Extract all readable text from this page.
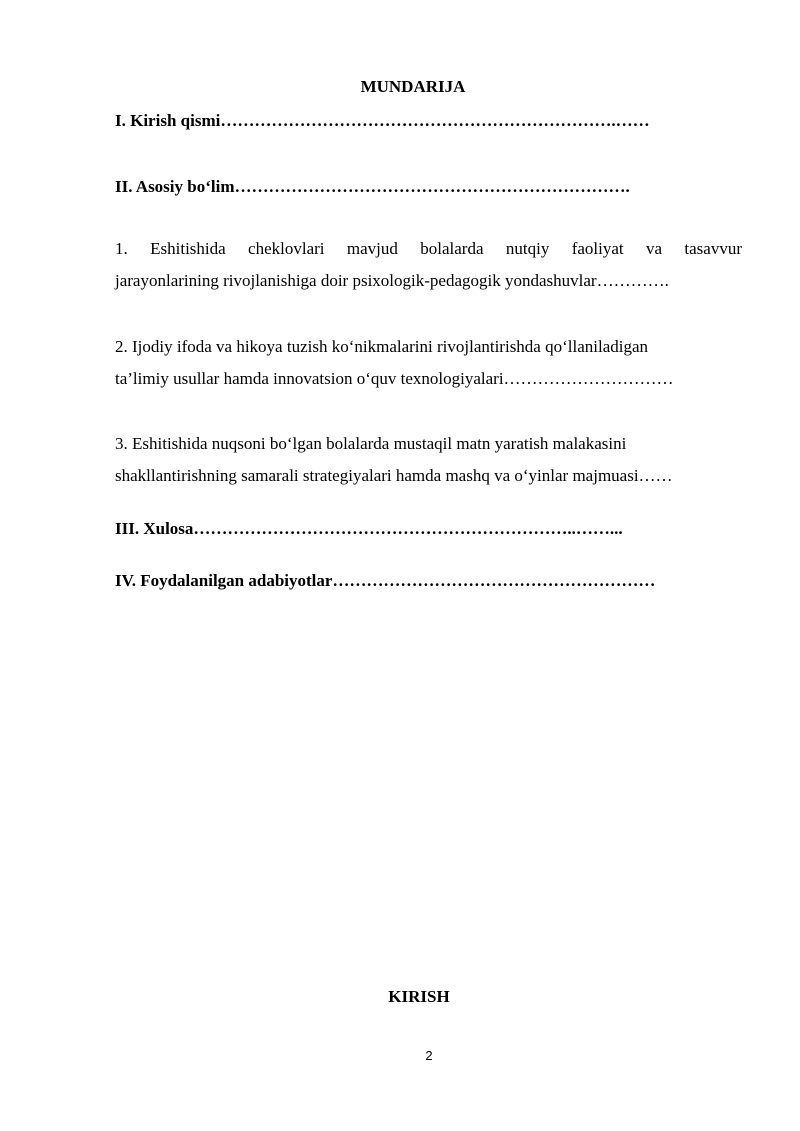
MUNDARIJA
I. Kirish qismi…………………………………………………………….……
II. Asosiy bo‘lim…………………………………………………………….
1. Eshitishida cheklovlari mavjud bolalarda nutqiy faoliyat va tasavvur
jarayonlarining rivojlanishiga doir psixologik-pedagogik yondashuvlar………….
2. Ijodiy ifoda va hikoya tuzish ko‘nikmalarini rivojlantirishda qo‘llaniladigan
ta’limiy usullar hamda innovatsion o‘quv texnologiyalari…………………………
3. Eshitishida nuqsoni bo‘lgan bolalarda mustaqil matn yaratish malakasini
shakllantirishning samarali strategiyalari hamda mashq va o‘yinlar majmuasi……
III. Xulosa…………………………………………………………..……...
IV. Foydalanilgan adabiyotlar…………………………………………………
KIRISH
2
